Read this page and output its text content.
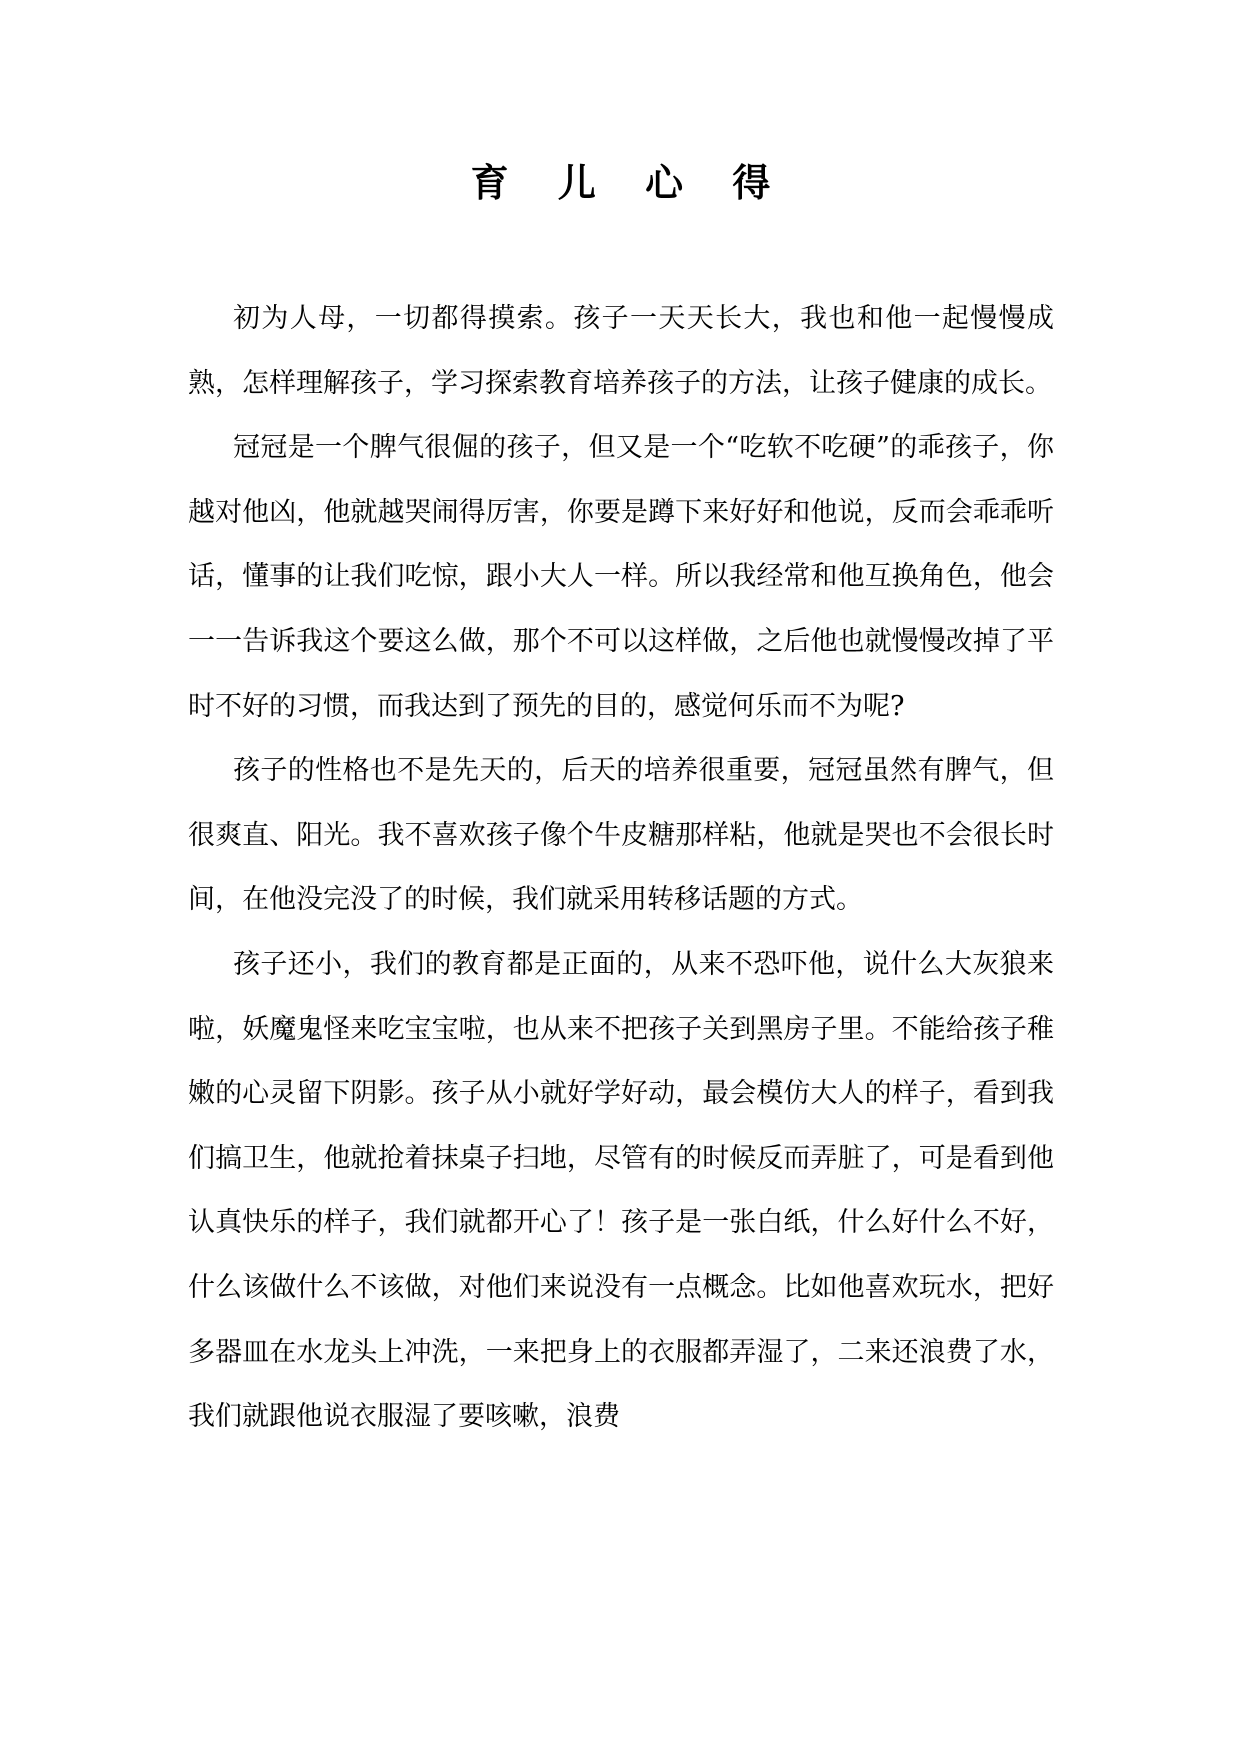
育 儿 心 得

初为人母，一切都得摸索。孩子一天天长大，我也和他一起慢慢成熟，怎样理解孩子，学习探索教育培养孩子的方法，让孩子健康的成长。

冠冠是一个脾气很倔的孩子，但又是一个“吃软不吃硬”的乖孩子，你越对他凶，他就越哭闹得厉害，你要是蹲下来好好和他说，反而会乖乖听话，懂事的让我们吃惊，跟小大人一样。所以我经常和他互换角色，他会一一告诉我这个要这么做，那个不可以这样做，之后他也就慢慢改掉了平时不好的习惯，而我达到了预先的目的，感觉何乐而不为呢?

孩子的性格也不是先天的，后天的培养很重要，冠冠虽然有脾气，但很爽直、阳光。我不喜欢孩子像个牛皮糖那样粘，他就是哭也不会很长时间，在他没完没了的时候，我们就采用转移话题的方式。

孩子还小，我们的教育都是正面的，从来不恐吓他，说什么大灰狼来啦，妖魔鬼怪来吃宝宝啦，也从来不把孩子关到黑房子里。不能给孩子稚嫩的心灵留下阴影。孩子从小就好学好动，最会模仿大人的样子，看到我们搞卫生，他就抢着抹桌子扫地，尽管有的时候反而弄脏了，可是看到他认真快乐的样子，我们就都开心了！孩子是一张白纸，什么好什么不好，什么该做什么不该做，对他们来说没有一点概念。比如他喜欢玩水，把好多器皿在水龙头上冲洗，一来把身上的衣服都弄湿了，二来还浪费了水，我们就跟他说衣服湿了要咳嗽，浪费
